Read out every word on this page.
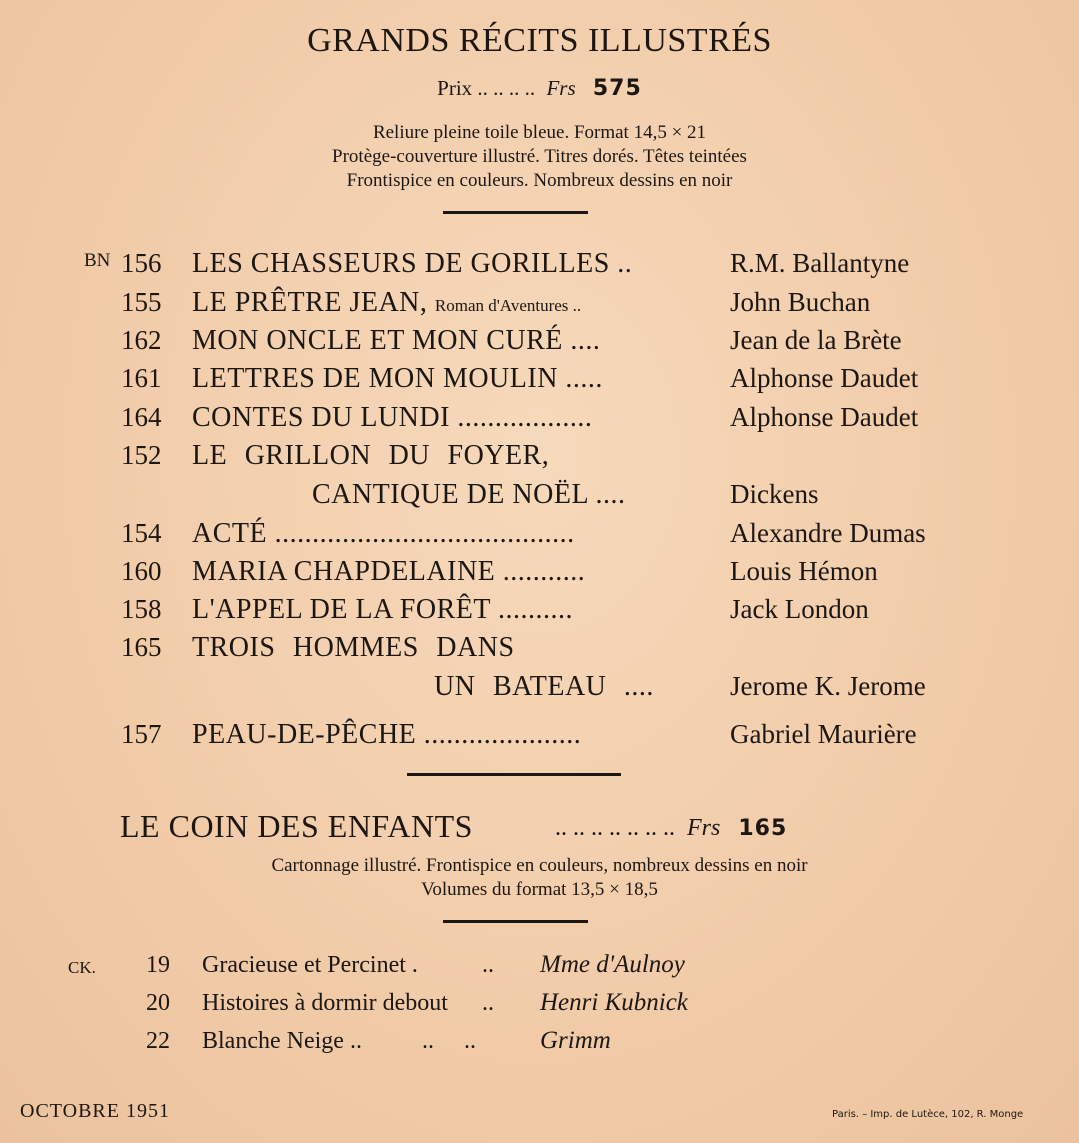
GRANDS RÉCITS ILLUSTRÉS
Prix .. .. .. .. Frs 575
Reliure pleine toile bleue. Format 14,5 × 21
Protège-couverture illustré. Titres dorés. Têtes teintées
Frontispice en couleurs. Nombreux dessins en noir
BN 156 LES CHASSEURS DE GORILLES ..	R.M. Ballantyne
155 LE PRÊTRE JEAN, Roman d'Aventures ..	John Buchan
162 MON ONCLE ET MON CURÉ ....	Jean de la Brète
161 LETTRES DE MON MOULIN .....	Alphonse Daudet
164 CONTES DU LUNDI ..................	Alphonse Daudet
152 LE GRILLON DU FOYER,
CANTIQUE DE NOËL ....	Dickens
154 ACTÉ ........................................	Alexandre Dumas
160 MARIA CHAPDELAINE ...........	Louis Hémon
158 L'APPEL DE LA FORÊT ..........	Jack London
165 TROIS HOMMES DANS
UN BATEAU ....	Jerome K. Jerome
157 PEAU-DE-PÊCHE .....................	Gabriel Maurière
LE COIN DES ENFANTS	.. .. .. .. .. .. .. Frs 165
Cartonnage illustré. Frontispice en couleurs, nombreux dessins en noir
Volumes du format 13,5 × 18,5
CK. 19 Gracieuse et Percinet .	.. Mme d'Aulnoy
20 Histoires à dormir debout .. Henri Kubnick
22 Blanche Neige ..	..     ..	Grimm
OCTOBRE 1951	Paris. – Imp. de Lutèce, 102, R. Monge
